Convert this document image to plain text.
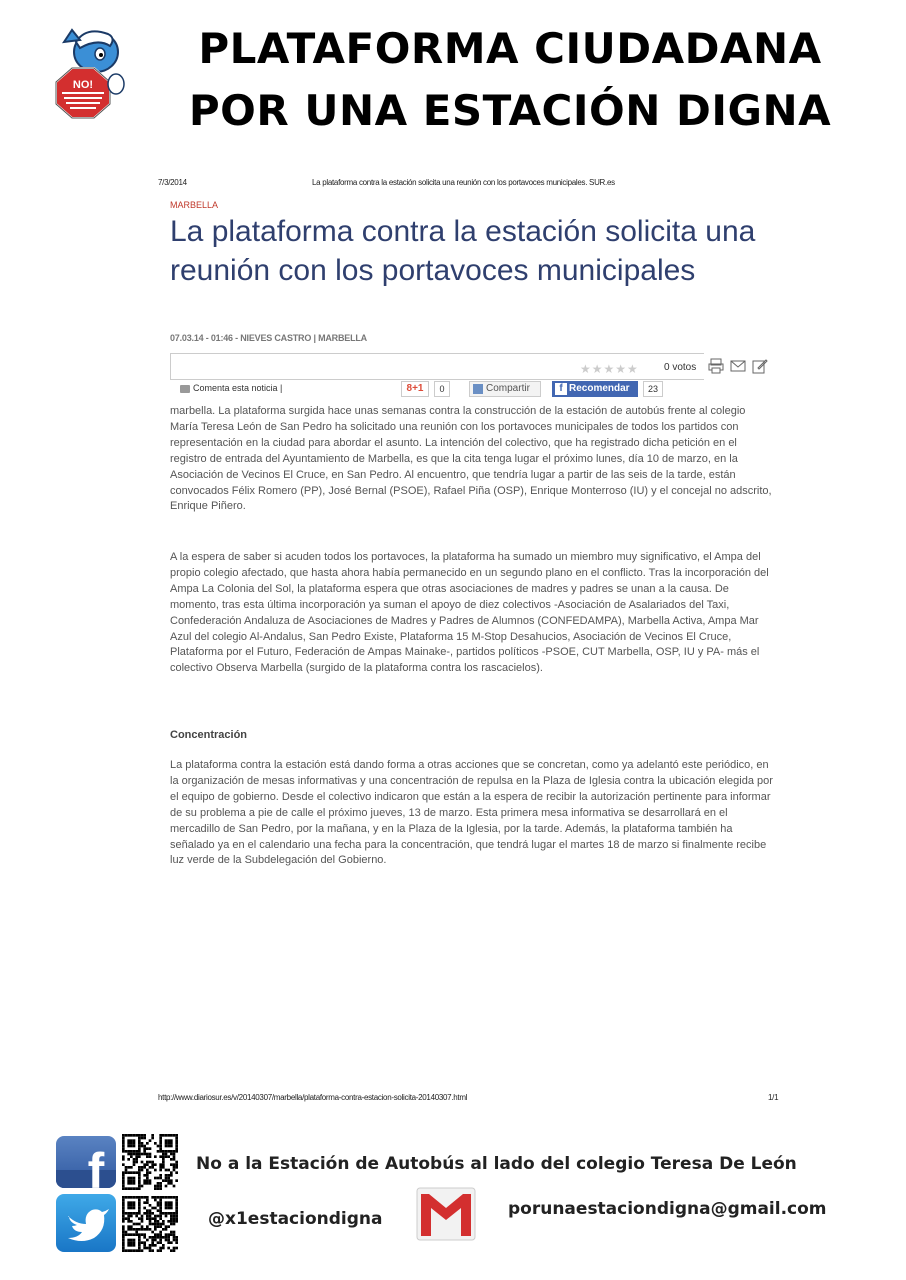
NO!
PLATAFORMA CIUDADANA
POR UNA ESTACIÓN DIGNA
7/3/2014	La plataforma contra la estación solicita una reunión con los portavoces municipales. SUR.es
MARBELLA
La plataforma contra la estación solicita una reunión con los portavoces municipales
07.03.14 - 01:46 - NIEVES CASTRO | MARBELLA
★★★★★	0 votos
Comenta esta noticia |	8+1	0	Compartir	Recomendar
f	23

marbella. La plataforma surgida hace unas semanas contra la construcción de la estación de autobús frente al colegio María Teresa León de San Pedro ha solicitado una reunión con los portavoces municipales de todos los partidos con representación en la ciudad para abordar el asunto. La intención del colectivo, que ha registrado dicha petición en el registro de entrada del Ayuntamiento de Marbella, es que la cita tenga lugar el próximo lunes, día 10 de marzo, en la Asociación de Vecinos El Cruce, en San Pedro. Al encuentro, que tendría lugar a partir de las seis de la tarde, están convocados Félix Romero (PP), José Bernal (PSOE), Rafael Piña (OSP), Enrique Monterroso (IU) y el concejal no adscrito, Enrique Piñero.

A la espera de saber si acuden todos los portavoces, la plataforma ha sumado un miembro muy significativo, el Ampa del propio colegio afectado, que hasta ahora había permanecido en un segundo plano en el conflicto. Tras la incorporación del Ampa La Colonia del Sol, la plataforma espera que otras asociaciones de madres y padres se unan a la causa. De momento, tras esta última incorporación ya suman el apoyo de diez colectivos -Asociación de Asalariados del Taxi, Confederación Andaluza de Asociaciones de Madres y Padres de Alumnos (CONFEDAMPA), Marbella Activa, Ampa Mar Azul del colegio Al-Andalus, San Pedro Existe, Plataforma 15 M-Stop Desahucios, Asociación de Vecinos El Cruce, Plataforma por el Futuro, Federación de Ampas Mainake-, partidos políticos -PSOE, CUT Marbella, OSP, IU y PA- más el colectivo Observa Marbella (surgido de la plataforma contra los rascacielos).

Concentración

La plataforma contra la estación está dando forma a otras acciones que se concretan, como ya adelantó este periódico, en la organización de mesas informativas y una concentración de repulsa en la Plaza de Iglesia contra la ubicación elegida por el equipo de gobierno. Desde el colectivo indicaron que están a la espera de recibir la autorización pertinente para informar de su problema a pie de calle el próximo jueves, 13 de marzo. Esta primera mesa informativa se desarrollará en el mercadillo de San Pedro, por la mañana, y en la Plaza de la Iglesia, por la tarde. Además, la plataforma también ha señalado ya en el calendario una fecha para la concentración, que tendrá lugar el martes 18 de marzo si finalmente recibe luz verde de la Subdelegación del Gobierno.

http://www.diariosur.es/v/20140307/marbella/plataforma-contra-estacion-solicita-20140307.html	1/1
f	No a la Estación de Autobús al lado del colegio Teresa De León
@x1estaciondigna	porunaestaciondigna@gmail.com
